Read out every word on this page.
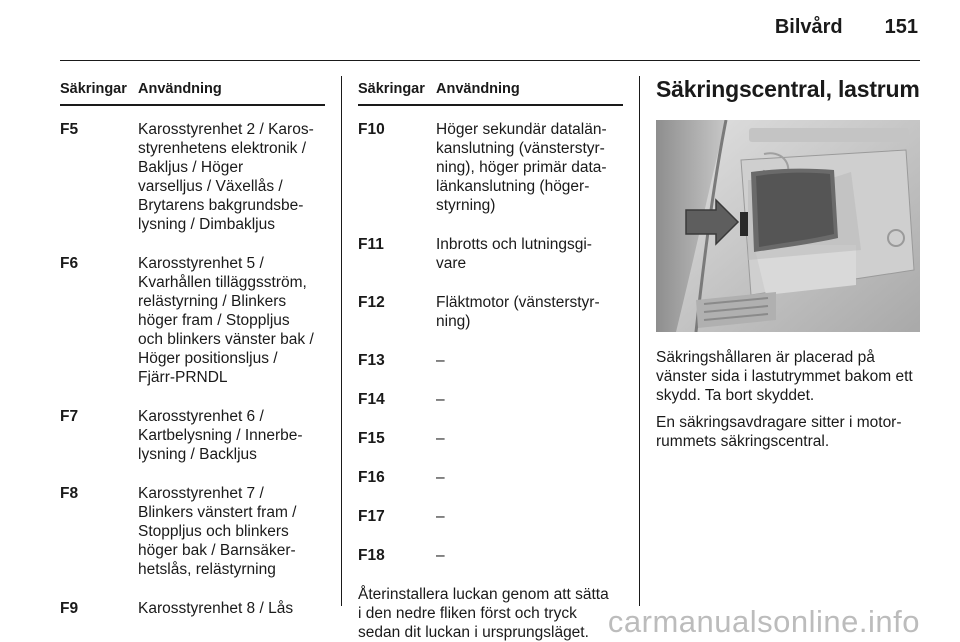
Bilvård 151
Säkringar Användning
F5	Karosstyrenhet 2 / Karos-
styrenhetens elektronik /
Bakljus / Höger
varselljus / Växellås /
Brytarens bakgrundsbe-
lysning / Dimbakljus
F6	Karosstyrenhet 5 /
Kvarhållen tilläggsström,
relästyrning / Blinkers
höger fram / Stoppljus
och blinkers vänster bak /
Höger positionsljus /
Fjärr-PRNDL
F7	Karosstyrenhet 6 /
Kartbelysning / Innerbe-
lysning / Backljus
F8	Karosstyrenhet 7 /
Blinkers vänstert fram /
Stoppljus och blinkers
höger bak / Barnsäker-
hetslås, relästyrning
F9	Karosstyrenhet 8 / Lås
Säkringar Användning
F10	Höger sekundär datalän-
kanslutning (vänsterstyr-
ning), höger primär data-
länkanslutning (höger-
styrning)
F11	Inbrotts och lutningsgi-
vare
F12	Fläktmotor (vänsterstyr-
ning)
F13	–
F14	–
F15	–
F16	–
F17	–
F18	–
Återinstallera luckan genom att sätta
i den nedre fliken först och tryck
sedan dit luckan i ursprungsläget.
Säkringscentral, lastrum
Säkringshållaren är placerad på
vänster sida i lastutrymmet bakom ett
skydd. Ta bort skyddet.
En säkringsavdragare sitter i motor-
rummets säkringscentral.
carmanualsonline.info
